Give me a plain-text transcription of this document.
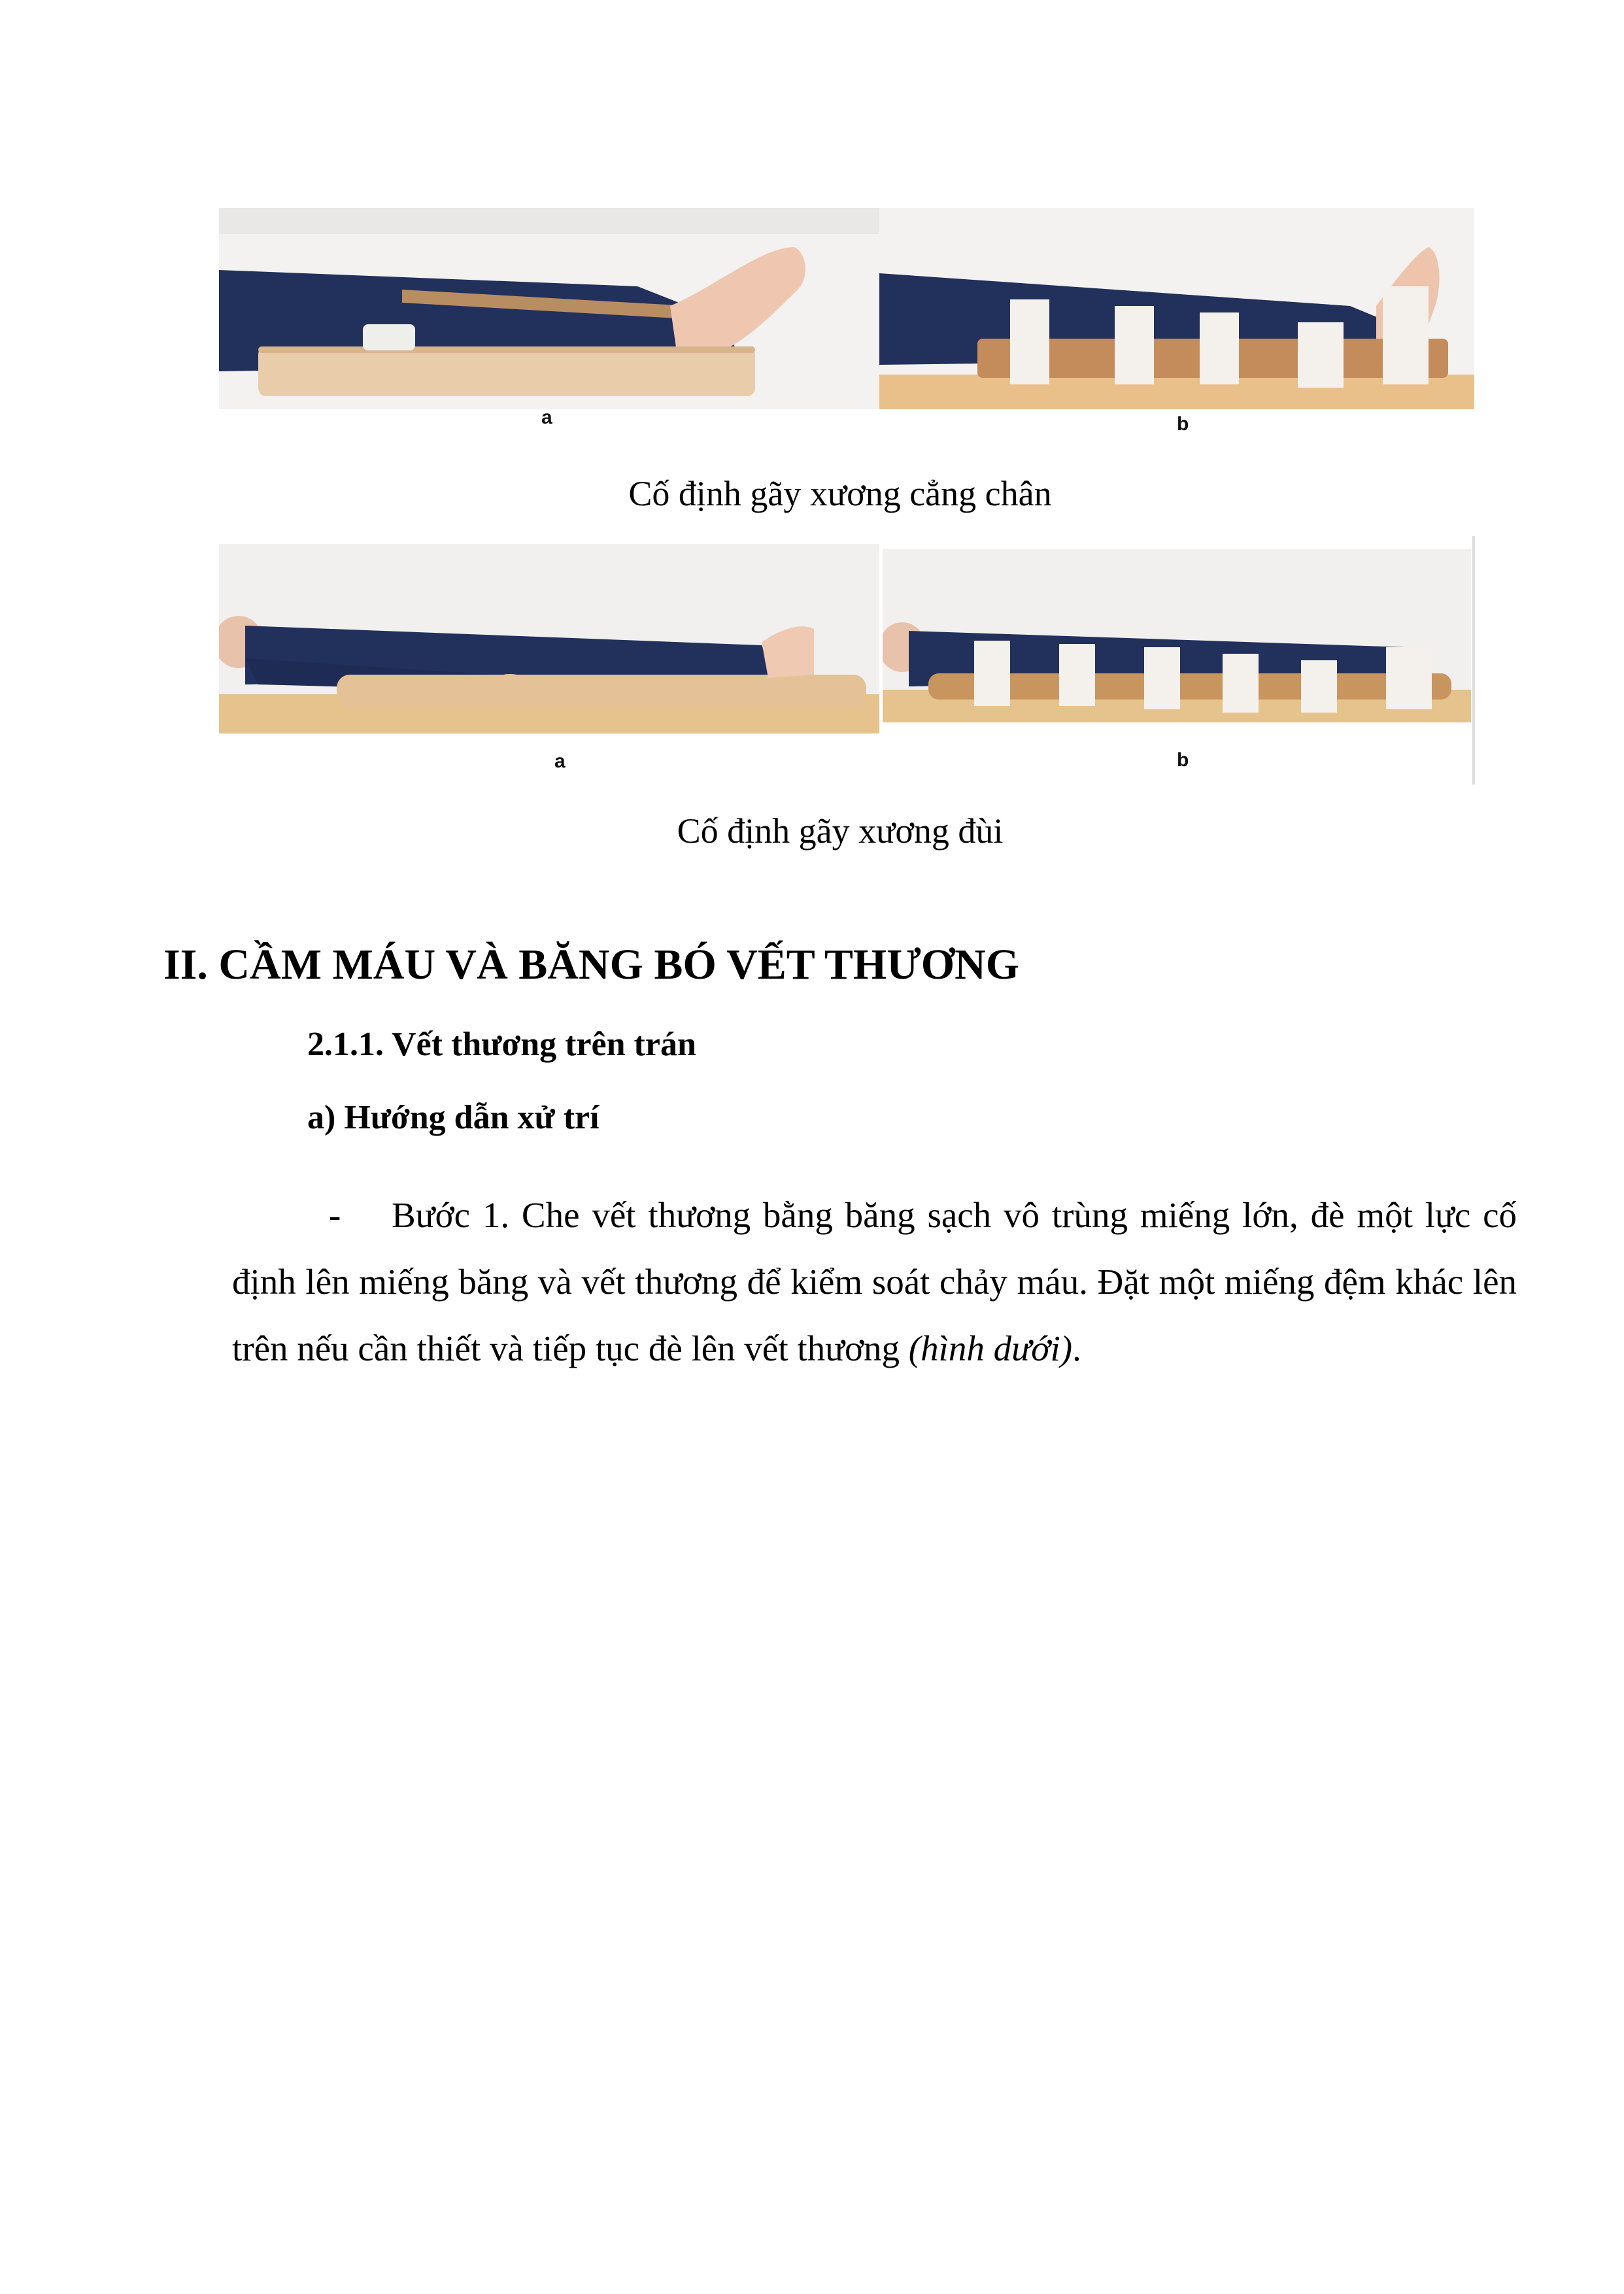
a	b
Cố định gãy xương cẳng chân
a	b
Cố định gãy xương đùi
II. CẦM MÁU VÀ BĂNG BÓ VẾT THƯƠNG
2.1.1. Vết thương trên trán
a) Hướng dẫn xử trí
- Bước 1. Che vết thương bằng băng sạch vô trùng miếng lớn, đè một lực cố định lên miếng băng và vết thương để kiểm soát chảy máu. Đặt một miếng đệm khác lên trên nếu cần thiết và tiếp tục đè lên vết thương (hình dưới).
